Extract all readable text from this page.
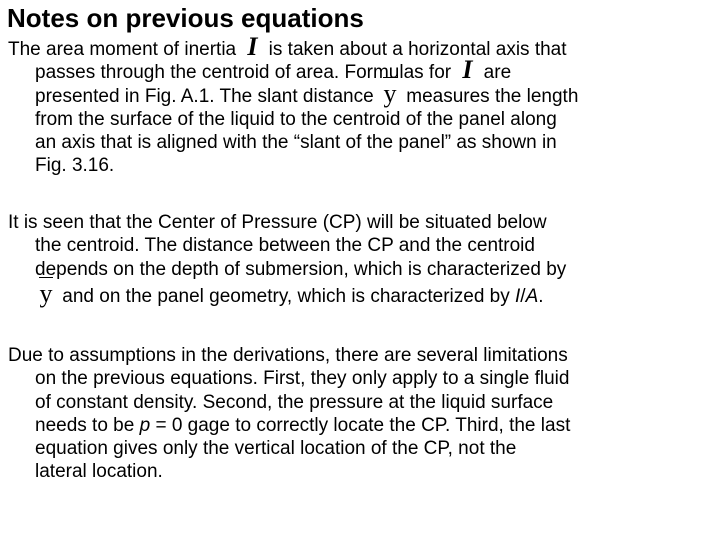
Notes on previous equations
The area moment of inertia I is taken about a horizontal axis that
passes through the centroid of area. Formulas for I are
presented in Fig. A.1. The slant distance y measures the length
from the surface of the liquid to the centroid of the panel along
an axis that is aligned with the “slant of the panel” as shown in
Fig. 3.16.
It is seen that the Center of Pressure (CP) will be situated below
the centroid. The distance between the CP and the centroid
depends on the depth of submersion, which is characterized by
y and on the panel geometry, which is characterized by I/A.
Due to assumptions in the derivations, there are several limitations
on the previous equations. First, they only apply to a single fluid
of constant density. Second, the pressure at the liquid surface
needs to be p = 0 gage to correctly locate the CP. Third, the last
equation gives only the vertical location of the CP, not the
lateral location.
